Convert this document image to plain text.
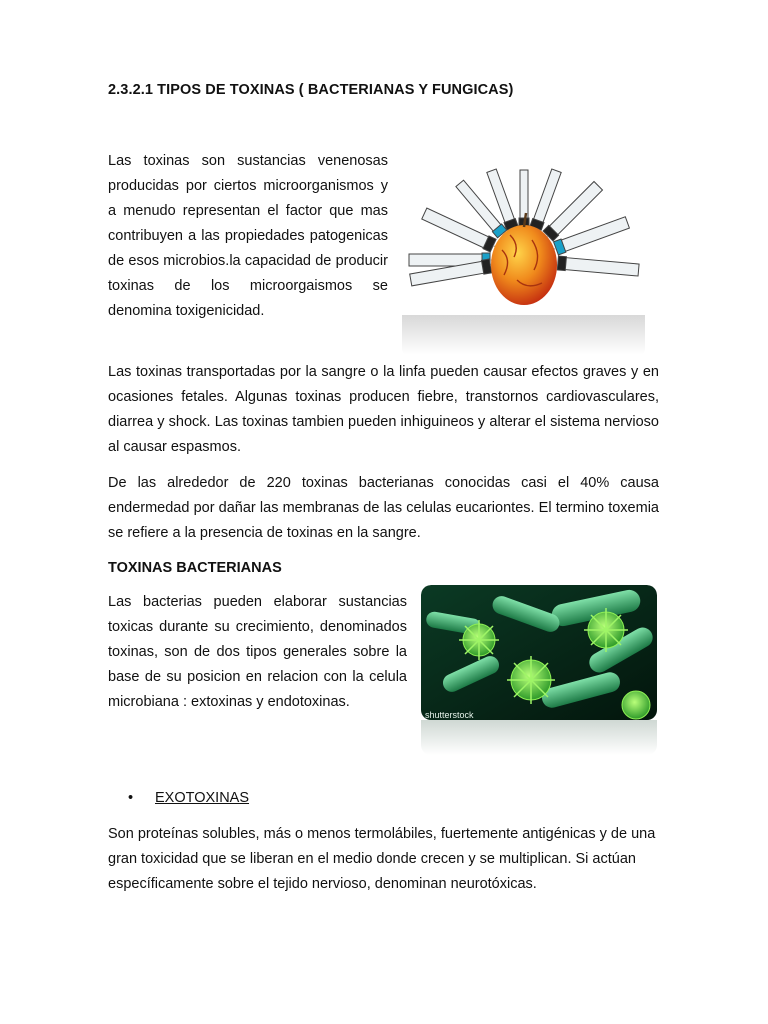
2.3.2.1 TIPOS DE TOXINAS ( BACTERIANAS Y FUNGICAS)

Las toxinas son sustancias venenosas producidas por ciertos microorganismos y a menudo representan el factor que mas contribuyen a las propiedades patogenicas de esos microbios.la capacidad de producir toxinas de los microorgaismos se denomina toxigenicidad.

Las toxinas transportadas por la sangre o la linfa pueden causar efectos graves y en ocasiones fetales. Algunas toxinas producen fiebre, transtornos cardiovasculares, diarrea y shock. Las toxinas tambien pueden inhiguineos y alterar el sistema nervioso al causar espasmos.

De las alrededor de 220 toxinas bacterianas conocidas casi el 40% causa endermedad por dañar las membranas de las celulas eucariontes. El termino toxemia se refiere a la presencia de toxinas en la sangre.

TOXINAS BACTERIANAS

Las bacterias pueden elaborar sustancias toxicas durante su crecimiento, denominados toxinas, son de dos tipos generales sobre la base de su posicion en relacion con la celula microbiana : extoxinas y endotoxinas.

shutterstock
• EXOTOXINAS

Son proteínas solubles, más o menos termolábiles, fuertemente antigénicas y de una gran toxicidad que se liberan en el medio donde crecen y se multiplican. Si actúan específicamente sobre el tejido nervioso, denominan neurotóxicas.
